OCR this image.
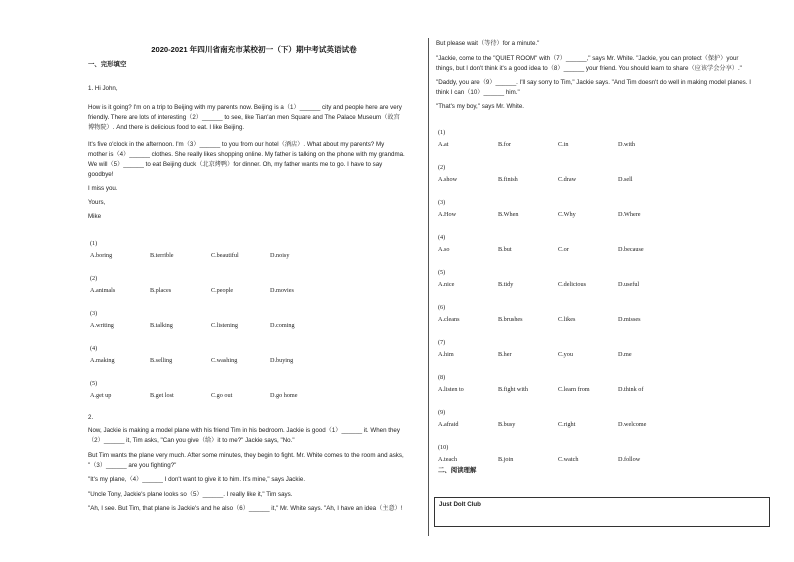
2020-2021 年四川省南充市某校初一（下）期中考试英语试卷
一、完形填空
1. Hi John,
How is it going? I'm on a trip to Beijing with my parents now. Beijing is a（1）______ city and people here are very
friendly. There are lots of interesting（2）______ to see, like Tian'an men Square and The Palace Museum（故宫
博物院）. And there is delicious food to eat. I like Beijing.
It's five o'clock in the afternoon. I'm（3）______ to you from our hotel（酒店）. What about my parents? My
mother is（4）______ clothes. She really likes shopping online. My father is talking on the phone with my grandma.
We will（5）______ to eat Beijing duck（北京烤鸭）for dinner. Oh, my father wants me to go. I have to say
goodbye!
I miss you.
Yours,
Mike
(1)
A.boring	B.terrible	C.beautiful	D.noisy
(2)
A.animals	B.places	C.people	D.movies
(3)
A.writing	B.talking	C.listening	D.coming
(4)
A.making	B.selling	C.washing	D.buying
(5)
A.get up	B.get lost	C.go out	D.go home
2.
Now, Jackie is making a model plane with his friend Tim in his bedroom. Jackie is good（1）______ it. When they
（2）______ it, Tim asks, "Can you give（给）it to me?" Jackie says, "No."
But Tim wants the plane very much. After some minutes, they begin to fight. Mr. White comes to the room and asks,
"（3）______ are you fighting?"
"It's my plane,（4）______ I don't want to give it to him. It's mine," says Jackie.
"Uncle Tony, Jackie's plane looks so（5）______. I really like it," Tim says.
"Ah, I see. But Tim, that plane is Jackie's and he also（6）______ it," Mr. White says. "Ah, I have an idea（主意）!
But please wait（等待）for a minute."
"Jackie, come to the "QUIET ROOM" with（7）______," says Mr. White. "Jackie, you can protect（保护）your
things, but I don't think it's a good idea to（8）______ your friend. You should learn to share（应该学会分享）."
"Daddy, you are（9）______. I'll say sorry to Tim," Jackie says. "And Tim doesn't do well in making model planes. I
think I can（10）______ him."
"That's my boy," says Mr. White.
(1)
A.at	B.for	C.in	D.with
(2)
A.show	B.finish	C.draw	D.sell
(3)
A.How	B.When	C.Why	D.Where
(4)
A.so	B.but	C.or	D.because
(5)
A.nice	B.tidy	C.delicious	D.useful
(6)
A.cleans	B.brushes	C.likes	D.misses
(7)
A.him	B.her	C.you	D.me
(8)
A.listen to	B.fight with	C.learn from	D.think of
(9)
A.afraid	B.busy	C.right	D.welcome
(10)
A.teach	B.join	C.watch	D.follow
二、阅读理解
Just DoIt Club
